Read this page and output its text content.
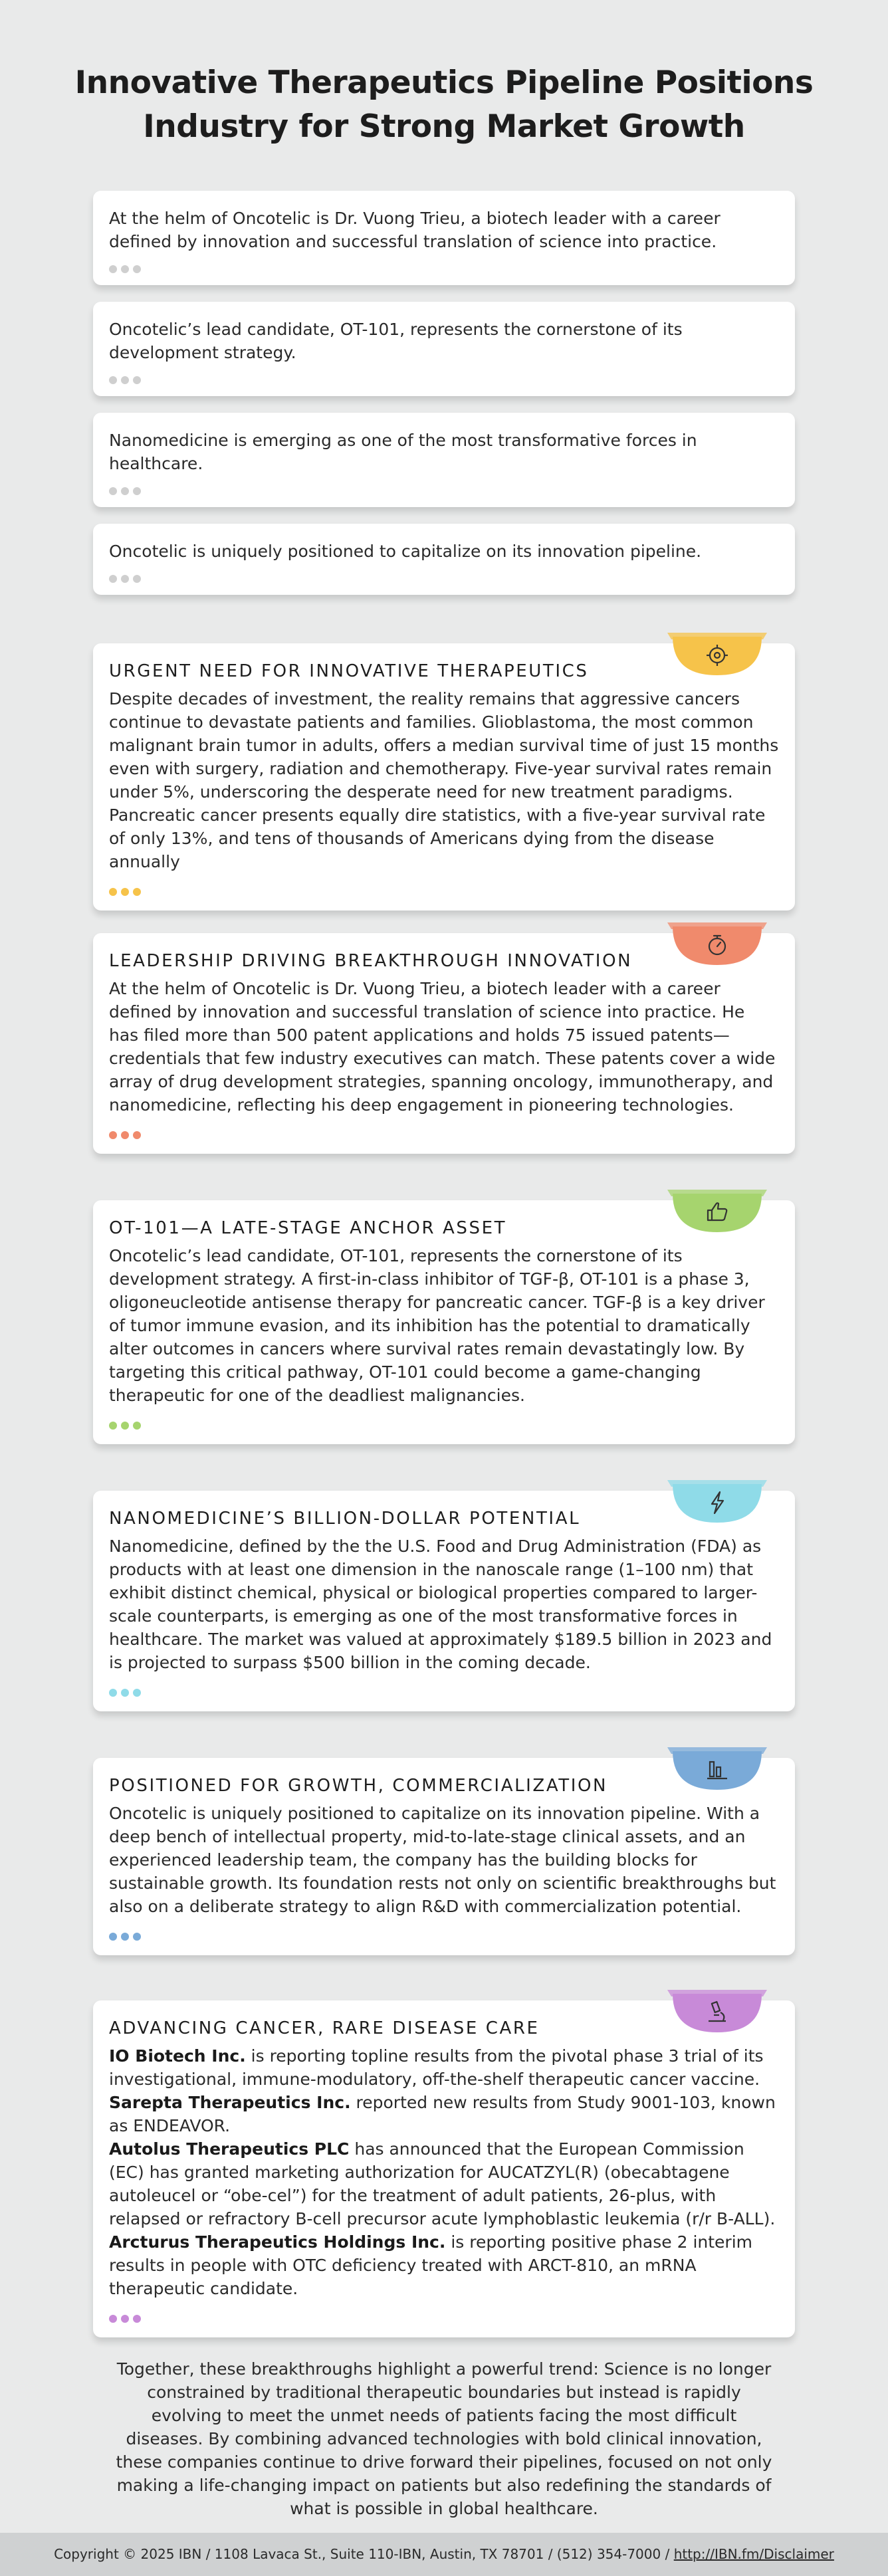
Innovative Therapeutics Pipeline Positions
Industry for Strong Market Growth

At the helm of Oncotelic is Dr. Vuong Trieu, a biotech leader with a career defined by innovation and successful translation of science into practice.

Oncotelic’s lead candidate, OT-101, represents the cornerstone of its development strategy.

Nanomedicine is emerging as one of the most transformative forces in healthcare.

Oncotelic is uniquely positioned to capitalize on its innovation pipeline.

URGENT NEED FOR INNOVATIVE THERAPEUTICS

Despite decades of investment, the reality remains that aggressive cancers continue to devastate patients and families. Glioblastoma, the most common malignant brain tumor in adults, offers a median survival time of just 15 months even with surgery, radiation and chemotherapy. Five-year survival rates remain under 5%, underscoring the desperate need for new treatment paradigms. Pancreatic cancer presents equally dire statistics, with a five-year survival rate of only 13%, and tens of thousands of Americans dying from the disease annually

LEADERSHIP DRIVING BREAKTHROUGH INNOVATION

At the helm of Oncotelic is Dr. Vuong Trieu, a biotech leader with a career defined by innovation and successful translation of science into practice. He has filed more than 500 patent applications and holds 75 issued patents—credentials that few industry executives can match. These patents cover a wide array of drug development strategies, spanning oncology, immunotherapy, and nanomedicine, reflecting his deep engagement in pioneering technologies.

OT-101—A LATE-STAGE ANCHOR ASSET

Oncotelic’s lead candidate, OT-101, represents the cornerstone of its development strategy. A first-in-class inhibitor of TGF-β, OT-101 is a phase 3, oligoneucleotide antisense therapy for pancreatic cancer. TGF-β is a key driver of tumor immune evasion, and its inhibition has the potential to dramatically alter outcomes in cancers where survival rates remain devastatingly low. By targeting this critical pathway, OT-101 could become a game-changing therapeutic for one of the deadliest malignancies.

NANOMEDICINE’S BILLION-DOLLAR POTENTIAL

Nanomedicine, defined by the the U.S. Food and Drug Administration (FDA) as products with at least one dimension in the nanoscale range (1–100 nm) that exhibit distinct chemical, physical or biological properties compared to larger-scale counterparts, is emerging as one of the most transformative forces in healthcare. The market was valued at approximately $189.5 billion in 2023 and is projected to surpass $500 billion in the coming decade.

POSITIONED FOR GROWTH, COMMERCIALIZATION

Oncotelic is uniquely positioned to capitalize on its innovation pipeline. With a deep bench of intellectual property, mid-to-late-stage clinical assets, and an experienced leadership team, the company has the building blocks for sustainable growth. Its foundation rests not only on scientific breakthroughs but also on a deliberate strategy to align R&D with commercialization potential.

ADVANCING CANCER, RARE DISEASE CARE
IO Biotech Inc. is reporting topline results from the pivotal phase 3 trial of its investigational, immune-modulatory, off-the-shelf therapeutic cancer vaccine.
Sarepta Therapeutics Inc. reported new results from Study 9001-103, known as ENDEAVOR.
Autolus Therapeutics PLC has announced that the European Commission (EC) has granted marketing authorization for AUCATZYL(R) (obecabtagene autoleucel or “obe-cel”) for the treatment of adult patients, 26-plus, with relapsed or refractory B-cell precursor acute lymphoblastic leukemia (r/r B-ALL).
Arcturus Therapeutics Holdings Inc. is reporting positive phase 2 interim results in people with OTC deficiency treated with ARCT-810, an mRNA therapeutic candidate.

Together, these breakthroughs highlight a powerful trend: Science is no longer constrained by traditional therapeutic boundaries but instead is rapidly evolving to meet the unmet needs of patients facing the most difficult diseases. By combining advanced technologies with bold clinical innovation, these companies continue to drive forward their pipelines, focused on not only making a life-changing impact on patients but also redefining the standards of what is possible in global healthcare.

Copyright © 2025 IBN / 1108 Lavaca St., Suite 110-IBN, Austin, TX 78701 / (512) 354-7000 / http://IBN.fm/Disclaimer
